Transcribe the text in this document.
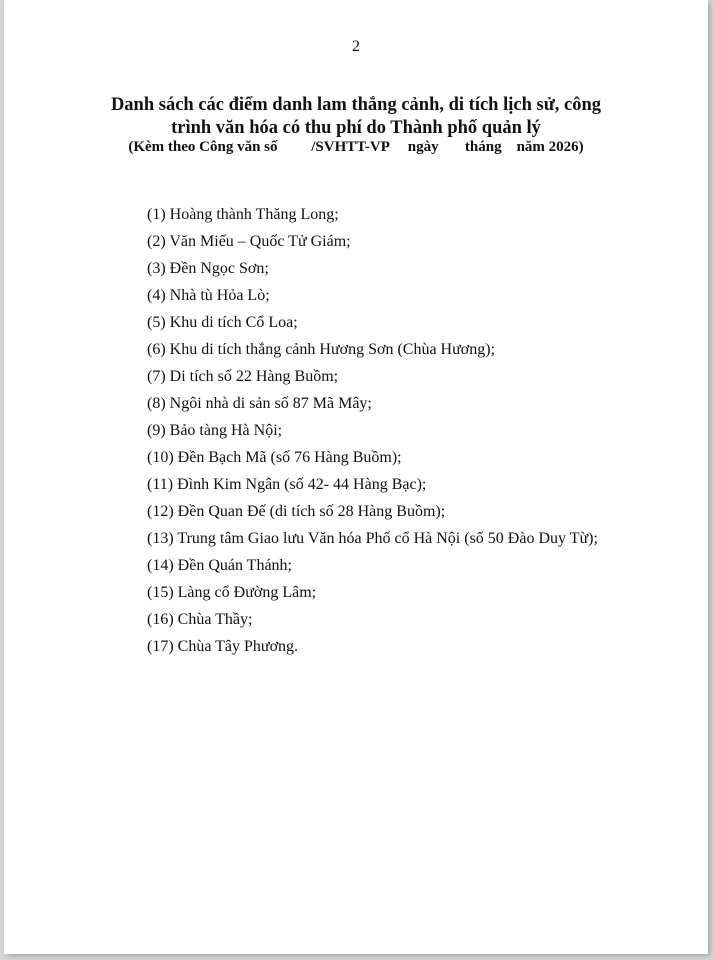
2
Danh sách các điểm danh lam thắng cảnh, di tích lịch sử, công
trình văn hóa có thu phí do Thành phố quản lý
(Kèm theo Công văn số         /SVHTT-VP     ngày       tháng    năm 2026)
(1) Hoàng thành Thăng Long;
(2) Văn Miếu – Quốc Tử Giám;
(3) Đền Ngọc Sơn;
(4) Nhà tù Hỏa Lò;
(5) Khu di tích Cổ Loa;
(6) Khu di tích thắng cảnh Hương Sơn (Chùa Hương);
(7) Di tích số 22 Hàng Buồm;
(8) Ngôi nhà di sản số 87 Mã Mây;
(9) Bảo tàng Hà Nội;
(10) Đền Bạch Mã (số 76 Hàng Buồm);
(11) Đình Kim Ngân (số 42- 44 Hàng Bạc);
(12) Đền Quan Đế (di tích số 28 Hàng Buồm);
(13) Trung tâm Giao lưu Văn hóa Phố cổ Hà Nội (số 50 Đào Duy Từ);
(14) Đền Quán Thánh;
(15) Làng cổ Đường Lâm;
(16) Chùa Thầy;
(17) Chùa Tây Phương.
